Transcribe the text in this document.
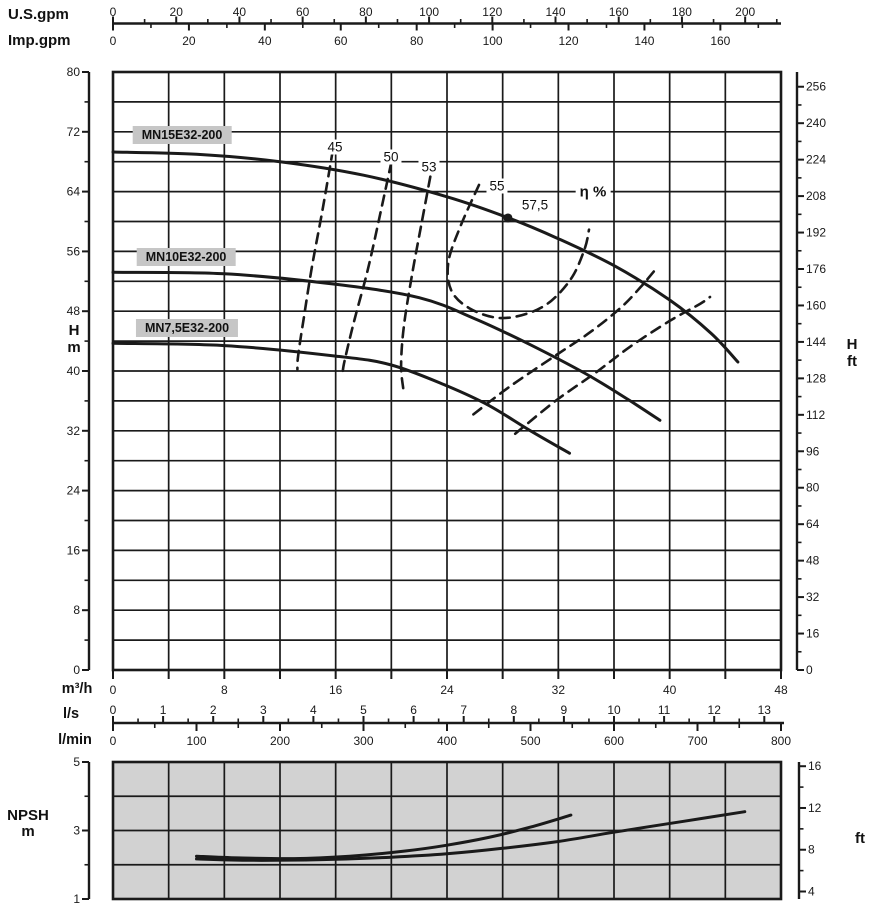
0	20	40	60	80	100	120	140	160	180	200
0	20	40	60	80	100	120	140	160
0
8
16
24
32
40
48
56
64
72
80
0
16
32
48
64
80
96
112
128
144
160
176
192
208
224
240
256
0	8	16	24	32	40	48
0	1	2	3	4	5	6	7	8	9	10	11	12	13
0	100	200	300	400	500	600	700	800
1
3
5
4
8
12
16
U.S.gpm
Imp.gpm
H
m	H
ft
m³/h
l/s
l/min
NPSH
m	ft
MN15E32-200
MN10E32-200
MN7,5E32-200
45
50
53
55
57,5
η %
